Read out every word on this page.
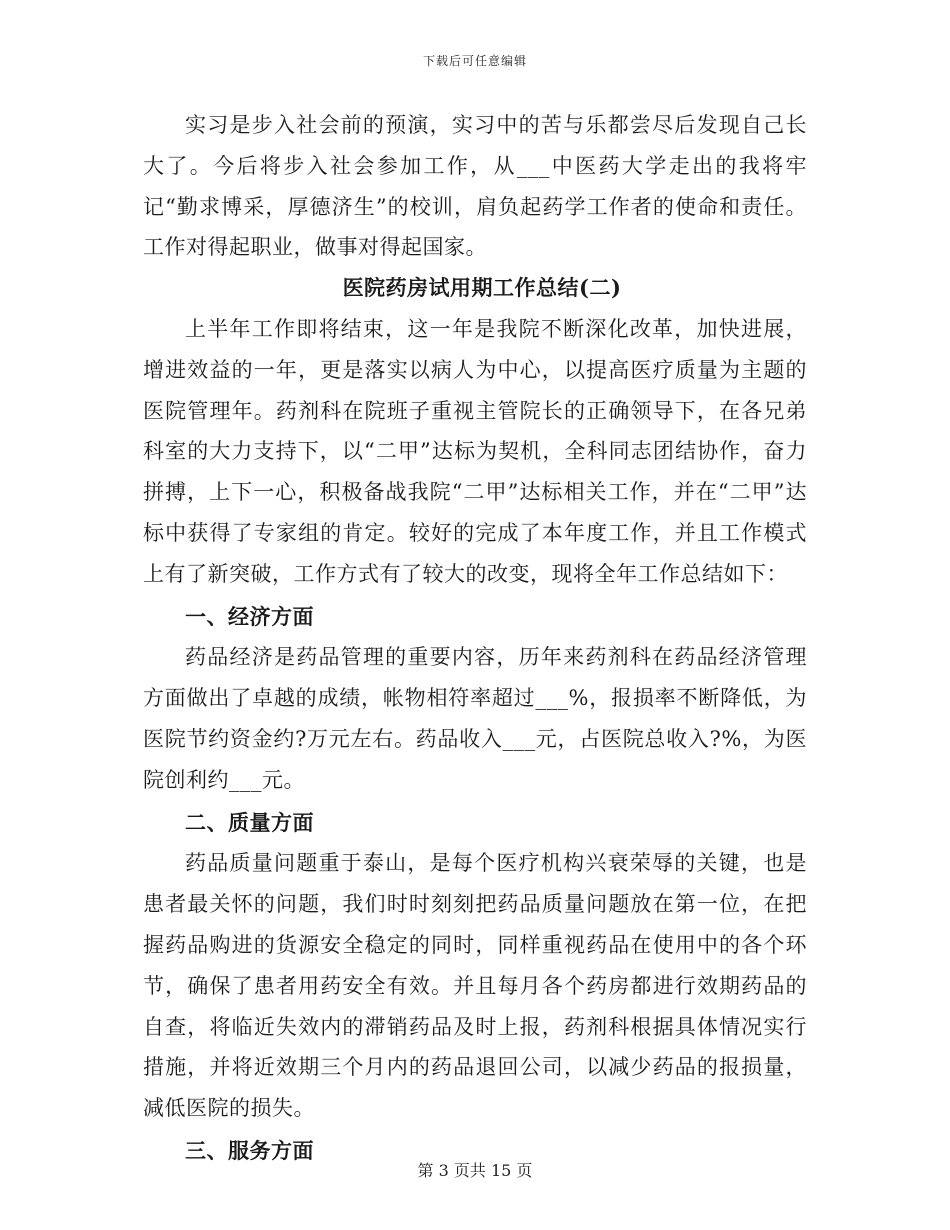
下载后可任意编辑

实习是步入社会前的预演，实习中的苦与乐都尝尽后发现自己长大了。今后将步入社会参加工作，从___中医药大学走出的我将牢记“勤求博采，厚德济生”的校训，肩负起药学工作者的使命和责任。工作对得起职业，做事对得起国家。

医院药房试用期工作总结(二)

上半年工作即将结束，这一年是我院不断深化改革，加快进展，增进效益的一年，更是落实以病人为中心，以提高医疗质量为主题的医院管理年。药剂科在院班子重视主管院长的正确领导下，在各兄弟科室的大力支持下，以“二甲”达标为契机，全科同志团结协作，奋力拼搏，上下一心，积极备战我院“二甲”达标相关工作，并在“二甲”达标中获得了专家组的肯定。较好的完成了本年度工作，并且工作模式上有了新突破，工作方式有了较大的改变，现将全年工作总结如下：

一、经济方面

药品经济是药品管理的重要内容，历年来药剂科在药品经济管理方面做出了卓越的成绩，帐物相符率超过___%，报损率不断降低，为医院节约资金约?万元左右。药品收入___元，占医院总收入?%，为医院创利约___元。

二、质量方面

药品质量问题重于泰山，是每个医疗机构兴衰荣辱的关键，也是患者最关怀的问题，我们时时刻刻把药品质量问题放在第一位，在把握药品购进的货源安全稳定的同时，同样重视药品在使用中的各个环节，确保了患者用药安全有效。并且每月各个药房都进行效期药品的自查，将临近失效内的滞销药品及时上报，药剂科根据具体情况实行措施，并将近效期三个月内的药品退回公司，以减少药品的报损量，减低医院的损失。

三、服务方面

第 3 页共 15 页
